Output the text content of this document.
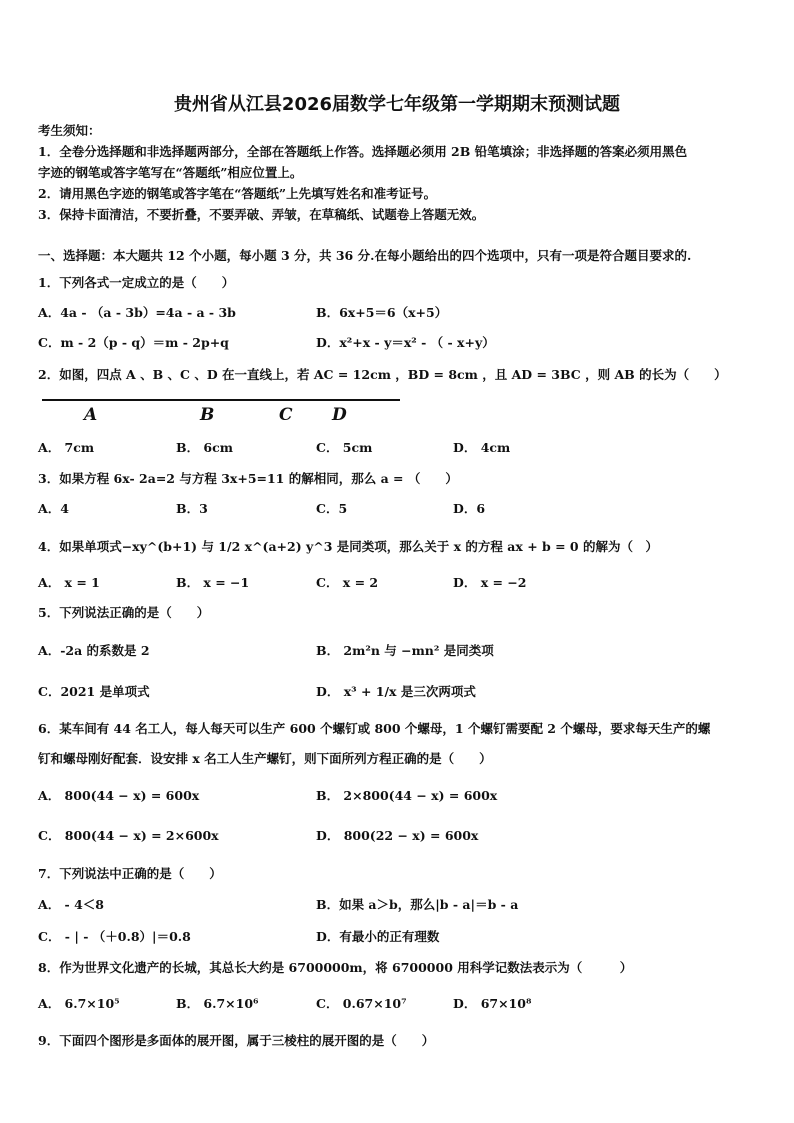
贵州省从江县2026届数学七年级第一学期期末预测试题
考生须知：
1．全卷分选择题和非选择题两部分，全部在答题纸上作答。选择题必须用 2B 铅笔填涂；非选择题的答案必须用黑色
字迹的钢笔或答字笔写在“答题纸”相应位置上。
2．请用黑色字迹的钢笔或答字笔在“答题纸”上先填写姓名和准考证号。
3．保持卡面清洁，不要折叠，不要弄破、弄皱，在草稿纸、试题卷上答题无效。
一、选择题：本大题共 12 个小题，每小题 3 分，共 36 分.在每小题给出的四个选项中，只有一项是符合题目要求的.
1．下列各式一定成立的是（　　）
A．4a - （a - 3b）=4a - a - 3b	B．6x+5＝6（x+5）
C．m - 2（p - q）＝m - 2p+q	D．x²+x - y＝x² - （ - x+y）
2．如图，四点 A 、B 、C 、D 在一直线上，若 AC = 12cm ，BD = 8cm ，且 AD = 3BC ，则 AB 的长为（　　）
A	B	C D
A． 7cm	B． 6cm	C． 5cm	D． 4cm
3．如果方程 6x- 2a=2 与方程 3x+5=11 的解相同，那么 a = （　　）
A．4	B．3	C．5	D．6
4．如果单项式−xy^(b+1) 与 1/2 x^(a+2) y^3 是同类项，那么关于 x 的方程 ax + b = 0 的解为（　）
A． x = 1	B． x = −1	C． x = 2	D． x = −2
5．下列说法正确的是（　　）
A．-2a 的系数是 2	B． 2m²n 与 −mn² 是同类项
C．2021 是单项式	D． x³ + 1/x 是三次两项式
6．某车间有 44 名工人，每人每天可以生产 600 个螺钉或 800 个螺母，1 个螺钉需要配 2 个螺母，要求每天生产的螺
钉和螺母刚好配套．设安排 x 名工人生产螺钉，则下面所列方程正确的是（　　）
A． 800(44 − x) = 600x	B． 2×800(44 − x) = 600x
C． 800(44 − x) = 2×600x	D． 800(22 − x) = 600x
7．下列说法中正确的是（　　）
A． - 4＜8	B．如果 a＞b，那么|b - a|＝b - a
C． - | - （＋0.8）|＝0.8	D．有最小的正有理数
8．作为世界文化遗产的长城，其总长大约是 6700000m，将 6700000 用科学记数法表示为（　　　）
A． 6.7×10⁵	B． 6.7×10⁶	C． 0.67×10⁷	D． 67×10⁸
9．下面四个图形是多面体的展开图，属于三棱柱的展开图的是（　　）
